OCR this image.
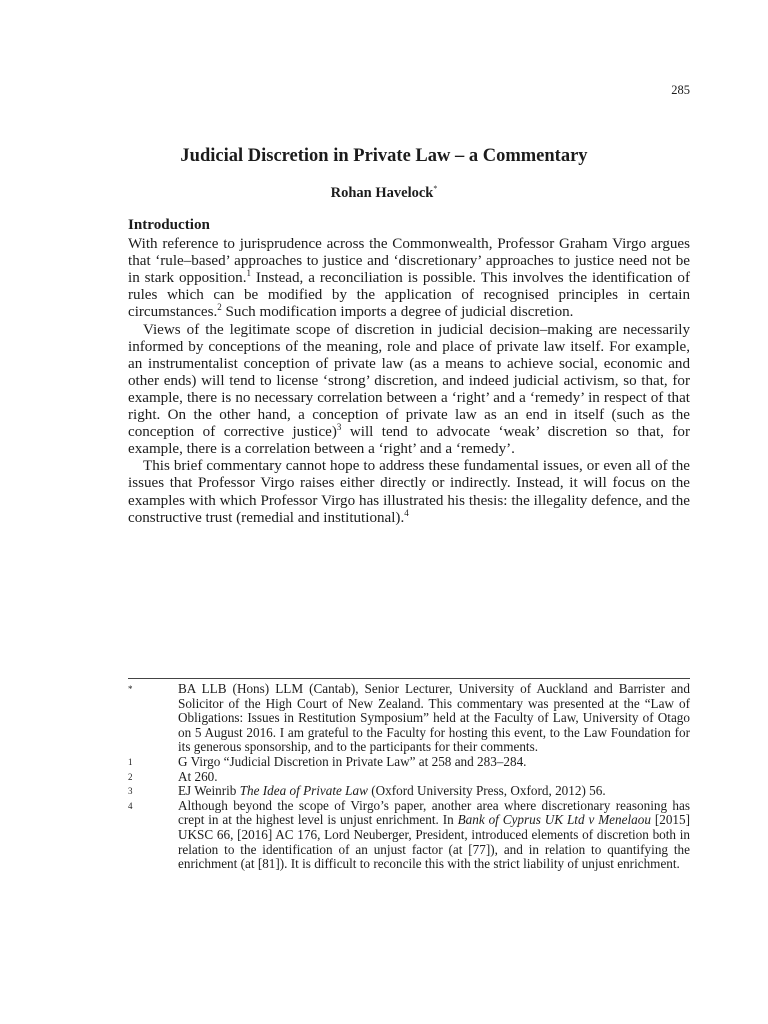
285
Judicial Discretion in Private Law – a Commentary

Rohan Havelock*

Introduction

With reference to jurisprudence across the Commonwealth, Professor Graham Virgo argues that ‘rule–based’ approaches to justice and ‘discretionary’ approaches to justice need not be in stark opposition.$^1$ Instead, a reconciliation is possible. This involves the identification of rules which can be modified by the application of recognised principles in certain circumstances.$^2$ Such modification imports a degree of judicial discretion.

Views of the legitimate scope of discretion in judicial decision–making are necessarily informed by conceptions of the meaning, role and place of private law itself. For example, an instrumentalist conception of private law (as a means to achieve social, economic and other ends) will tend to license ‘strong’ discretion, and indeed judicial activism, so that, for example, there is no necessary correlation between a ‘right’ and a ‘remedy’ in respect of that right. On the other hand, a conception of private law as an end in itself (such as the conception of corrective justice)$^3$ will tend to advocate ‘weak’ discretion so that, for example, there is a correlation between a ‘right’ and a ‘remedy’.

This brief commentary cannot hope to address these fundamental issues, or even all of the issues that Professor Virgo raises either directly or indirectly. Instead, it will focus on the examples with which Professor Virgo has illustrated his thesis: the illegality defence, and the constructive trust (remedial and institutional).$^4$

*	BA LLB (Hons) LLM (Cantab), Senior Lecturer, University of Auckland and Barrister and Solicitor of the High Court of New Zealand. This commentary was presented at the “Law of Obligations: Issues in Restitution Symposium” held at the Faculty of Law, University of Otago on 5 August 2016. I am grateful to the Faculty for hosting this event, to the Law Foundation for its generous sponsorship, and to the participants for their comments.
1	G Virgo “Judicial Discretion in Private Law” at 258 and 283–284.
2	At 260.
3	EJ Weinrib The Idea of Private Law (Oxford University Press, Oxford, 2012) 56.
4	Although beyond the scope of Virgo’s paper, another area where discretionary reasoning has crept in at the highest level is unjust enrichment. In Bank of Cyprus UK Ltd v Menelaou [2015] UKSC 66, [2016] AC 176, Lord Neuberger, President, introduced elements of discretion both in relation to the identification of an unjust factor (at [77]), and in relation to quantifying the enrichment (at [81]). It is difficult to reconcile this with the strict liability of unjust enrichment.
